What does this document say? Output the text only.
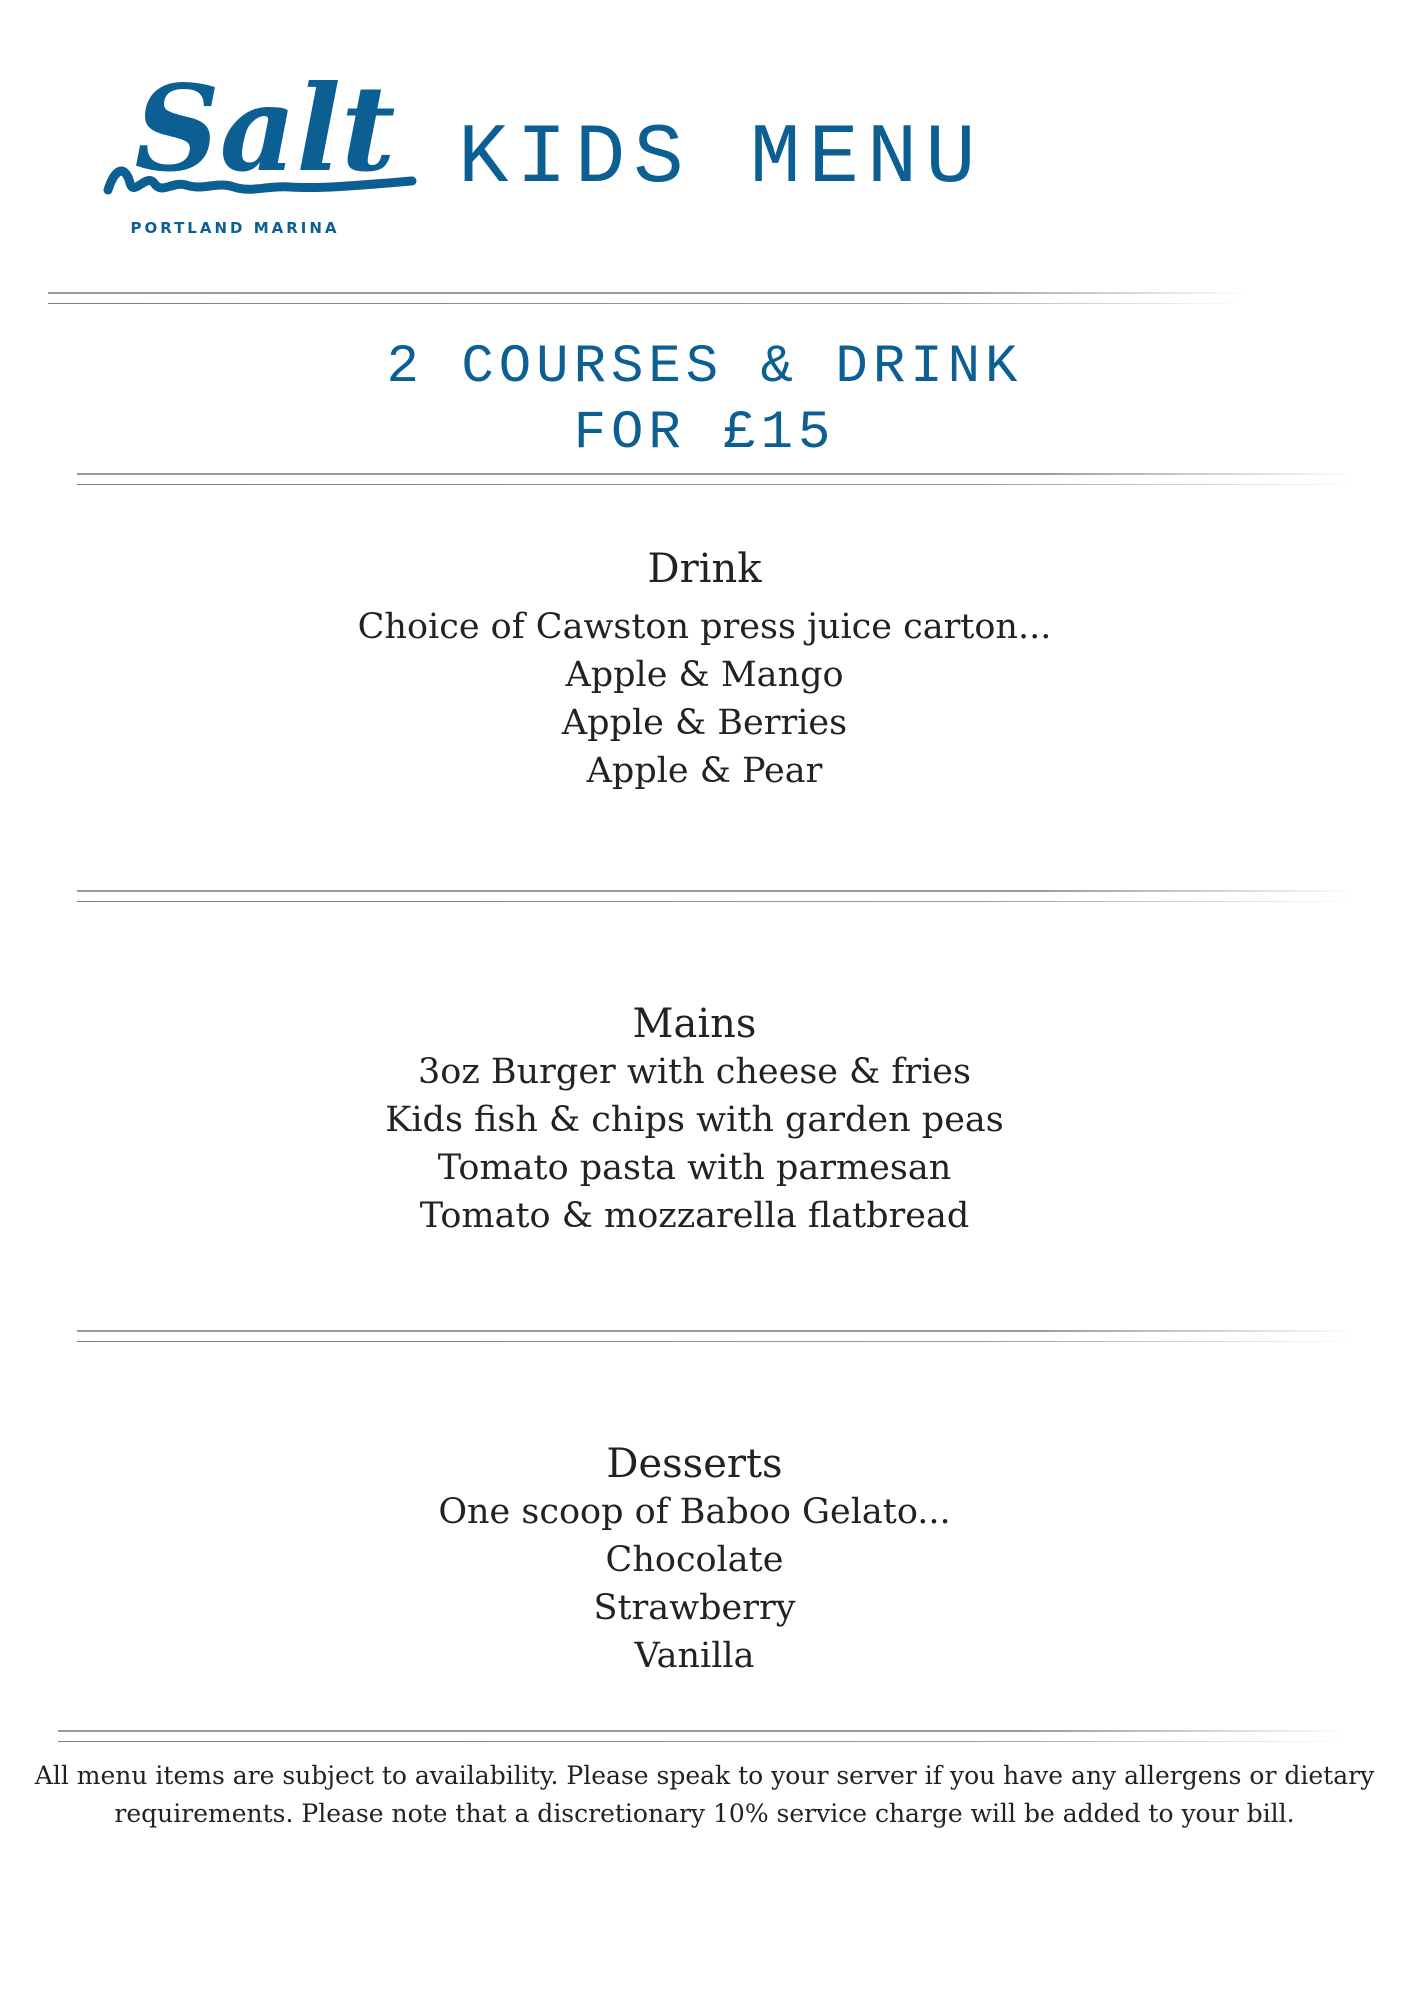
Salt
PORTLAND MARINA
KIDS MENU
2 COURSES & DRINK
FOR £15
Drink
Choice of Cawston press juice carton...
Apple & Mango
Apple & Berries
Apple & Pear
Mains
3oz Burger with cheese & fries
Kids fish & chips with garden peas
Tomato pasta with parmesan
Tomato & mozzarella flatbread
Desserts
One scoop of Baboo Gelato...
Chocolate
Strawberry
Vanilla
All menu items are subject to availability. Please speak to your server if you have any allergens or dietary
requirements. Please note that a discretionary 10% service charge will be added to your bill.
